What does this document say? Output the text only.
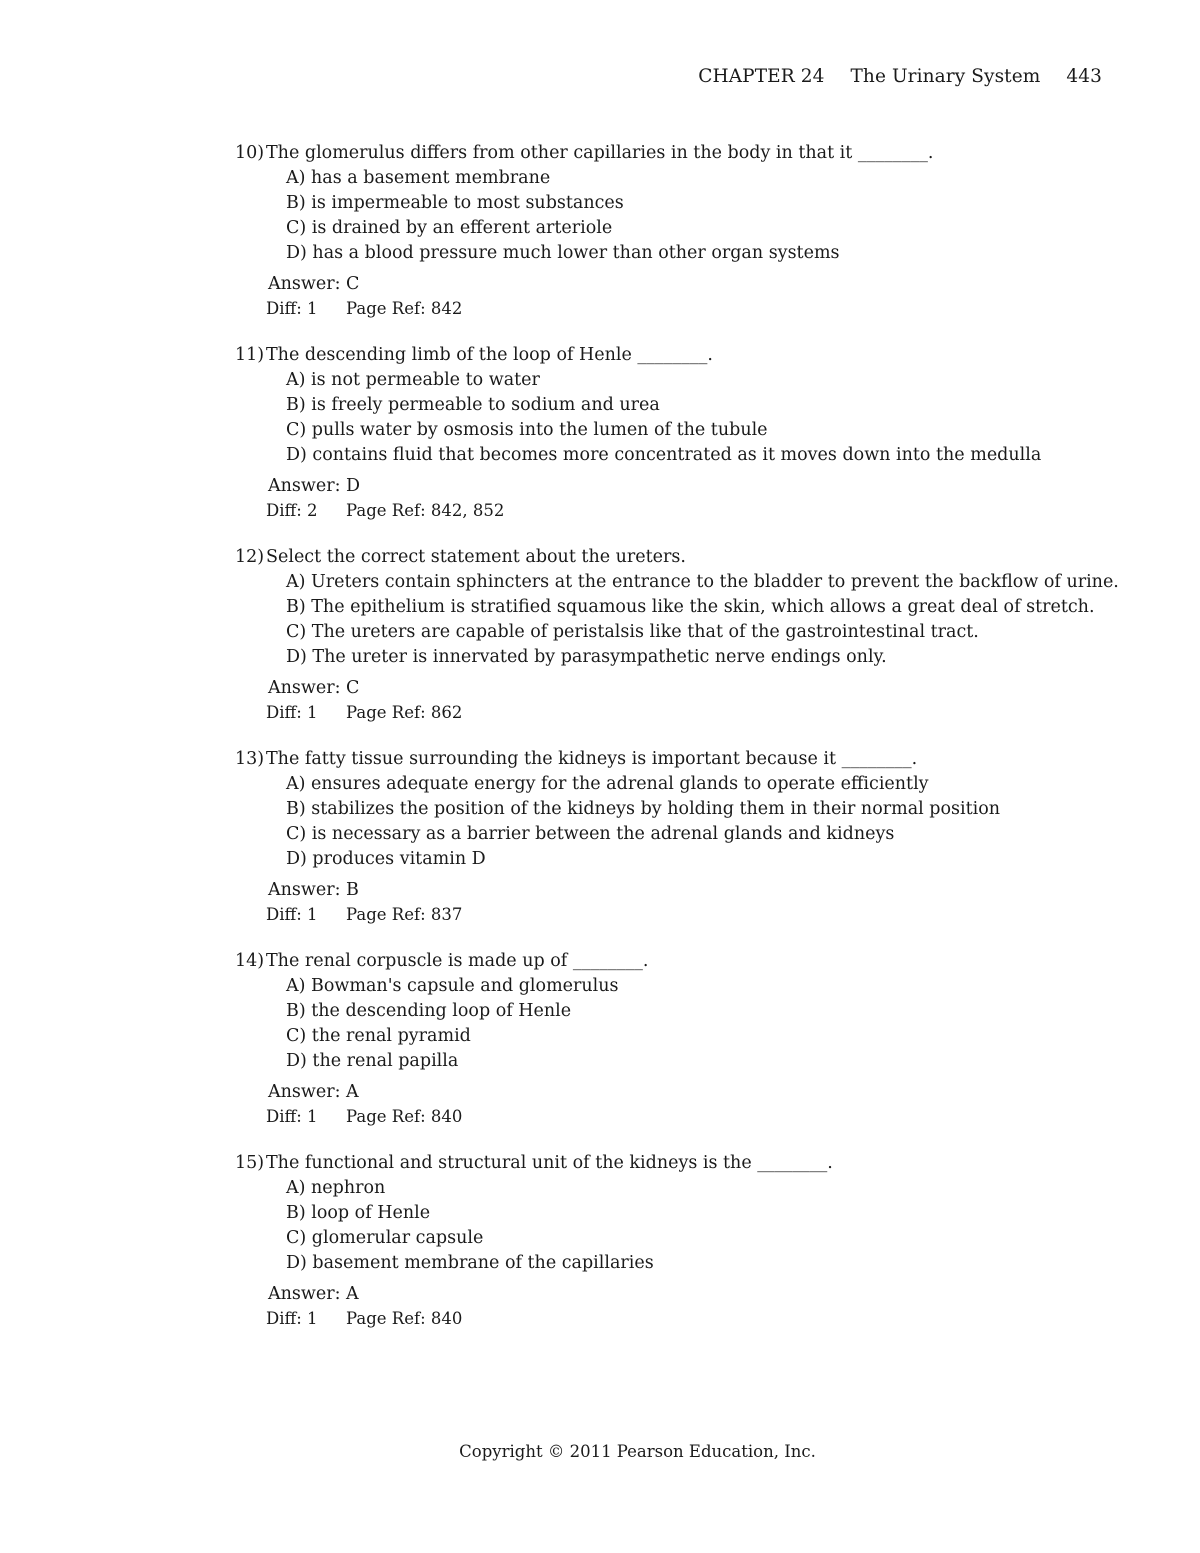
CHAPTER 24 The Urinary System 443
10) The glomerulus differs from other capillaries in the body in that it ________.
A) has a basement membrane
B) is impermeable to most substances
C) is drained by an efferent arteriole
D) has a blood pressure much lower than other organ systems
Answer: C
Diff: 1 Page Ref: 842
11) The descending limb of the loop of Henle ________.
A) is not permeable to water
B) is freely permeable to sodium and urea
C) pulls water by osmosis into the lumen of the tubule
D) contains fluid that becomes more concentrated as it moves down into the medulla
Answer: D
Diff: 2 Page Ref: 842, 852
12) Select the correct statement about the ureters.
A) Ureters contain sphincters at the entrance to the bladder to prevent the backflow of urine.
B) The epithelium is stratified squamous like the skin, which allows a great deal of stretch.
C) The ureters are capable of peristalsis like that of the gastrointestinal tract.
D) The ureter is innervated by parasympathetic nerve endings only.
Answer: C
Diff: 1 Page Ref: 862
13) The fatty tissue surrounding the kidneys is important because it ________.
A) ensures adequate energy for the adrenal glands to operate efficiently
B) stabilizes the position of the kidneys by holding them in their normal position
C) is necessary as a barrier between the adrenal glands and kidneys
D) produces vitamin D
Answer: B
Diff: 1 Page Ref: 837
14) The renal corpuscle is made up of ________.
A) Bowman's capsule and glomerulus
B) the descending loop of Henle
C) the renal pyramid
D) the renal papilla
Answer: A
Diff: 1 Page Ref: 840
15) The functional and structural unit of the kidneys is the ________.
A) nephron
B) loop of Henle
C) glomerular capsule
D) basement membrane of the capillaries
Answer: A
Diff: 1 Page Ref: 840
Copyright © 2011 Pearson Education, Inc.
